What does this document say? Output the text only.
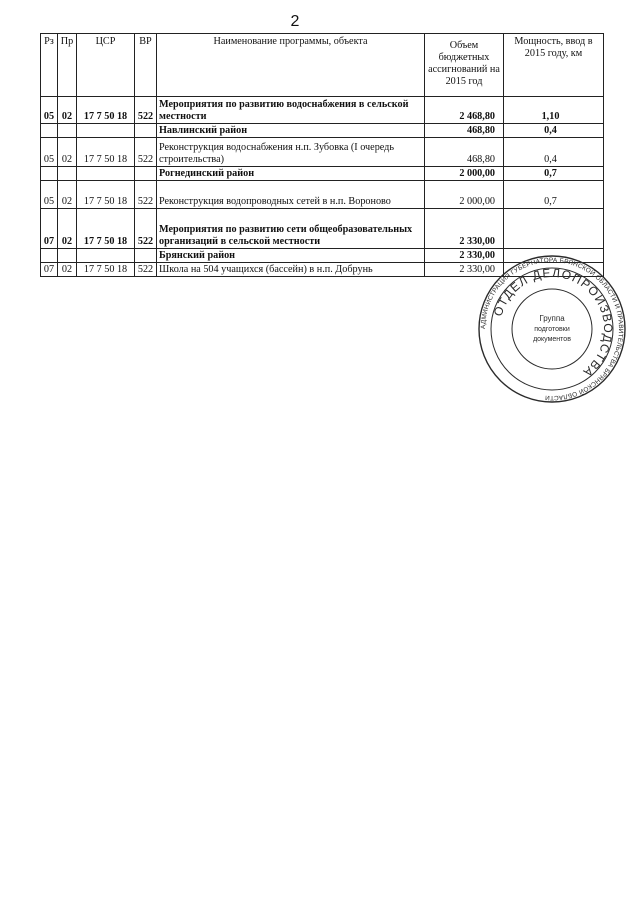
2
Рз	Пр	ЦСР	ВР	Наименование программы, объекта	Объем бюджетных ассигнований на 2015 год	Мощность, ввод в 2015 году, км
05	02	17 7 50 18	522	Мероприятия по развитию водоснабжения в сельской местности	2 468,80	1,10
				Навлинский район	468,80	0,4
05	02	17 7 50 18	522	Реконструкция водоснабжения н.п. Зубовка (I очередь строительства)	468,80	0,4
				Рогнединский район	2 000,00	0,7
05	02	17 7 50 18	522	Реконструкция водопроводных сетей в н.п. Вороново	2 000,00	0,7
07	02	17 7 50 18	522	Мероприятия по развитию сети общеобразовательных организаций в сельской местности	2 330,00	
				Брянский район	2 330,00	
07	02	17 7 50 18	522	Школа на 504 учащихся (бассейн) в н.п. Добрунь	2 330,00	
АДМИНИСТРАЦИЯ ГУБЕРНАТОРА БРЯНСКОЙ ОБЛАСТИ И ПРАВИТЕЛЬСТВА БРЯНСКОЙ ОБЛАСТИ
ОТДЕЛ ДЕЛОПРОИЗВОДСТВА
Группа
подготовки
документов
